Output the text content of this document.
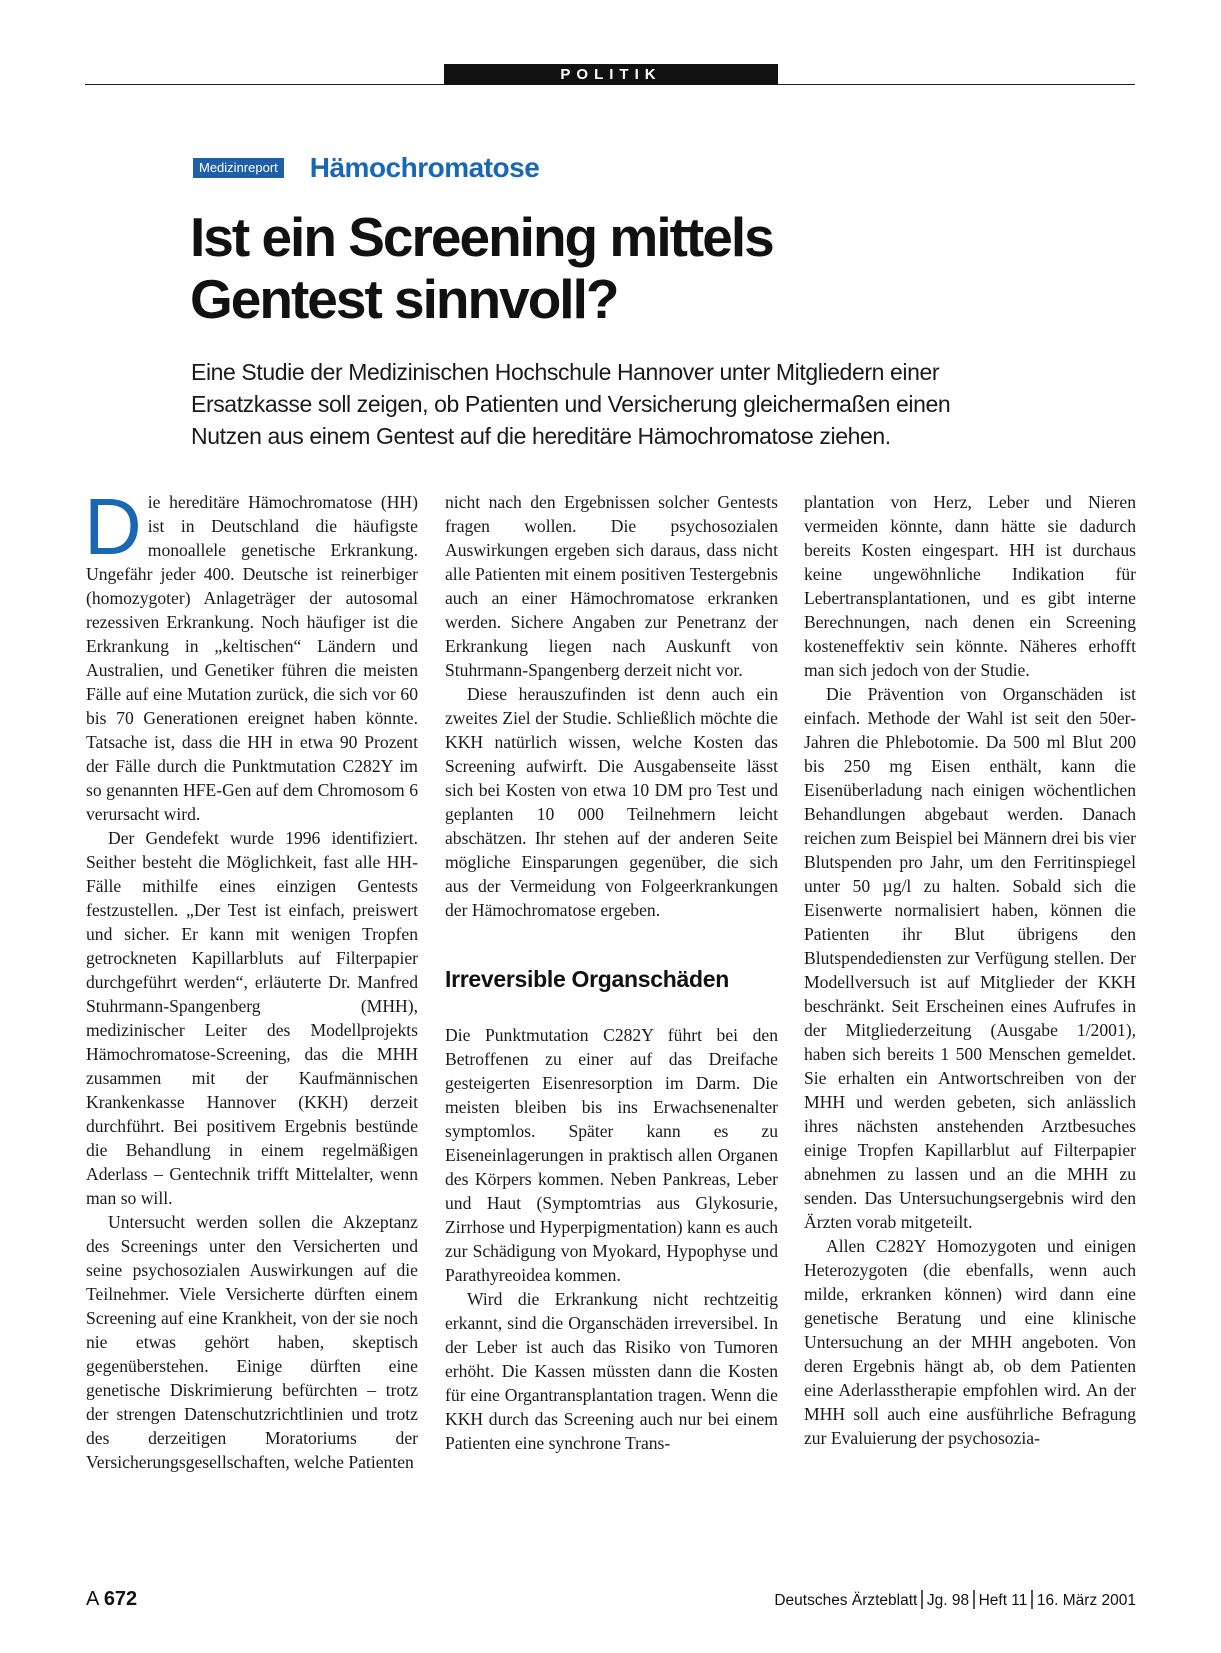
POLITIK
Medizinreport Hämochromatose
Ist ein Screening mittels
Gentest sinnvoll?

Eine Studie der Medizinischen Hochschule Hannover unter Mitgliedern einer
Ersatzkasse soll zeigen, ob Patienten und Versicherung gleichermaßen einen
Nutzen aus einem Gentest auf die hereditäre Hämochromatose ziehen.

Die hereditäre Hämochromatose (HH) ist in Deutschland die häufigste monoallele genetische Erkrankung. Ungefähr jeder 400. Deutsche ist reinerbiger (homozygoter) Anlageträger der autosomal rezessiven Erkrankung. Noch häufiger ist die Erkrankung in „keltischen“ Ländern und Australien, und Genetiker führen die meisten Fälle auf eine Mutation zurück, die sich vor 60 bis 70 Generationen ereignet haben könnte. Tatsache ist, dass die HH in etwa 90 Prozent der Fälle durch die Punktmutation C282Y im so genannten HFE-Gen auf dem Chromosom 6 verursacht wird.

Der Gendefekt wurde 1996 identifiziert. Seither besteht die Möglichkeit, fast alle HH-Fälle mithilfe eines einzigen Gentests festzustellen. „Der Test ist einfach, preiswert und sicher. Er kann mit wenigen Tropfen getrockneten Kapillarbluts auf Filterpapier durchgeführt werden“, erläuterte Dr. Manfred Stuhrmann-Spangenberg (MHH), medizinischer Leiter des Modellprojekts Hämochromatose-Screening, das die MHH zusammen mit der Kaufmännischen Krankenkasse Hannover (KKH) derzeit durchführt. Bei positivem Ergebnis bestünde die Behandlung in einem regelmäßigen Aderlass – Gentechnik trifft Mittelalter, wenn man so will.

Untersucht werden sollen die Akzeptanz des Screenings unter den Versicherten und seine psychosozialen Auswirkungen auf die Teilnehmer. Viele Versicherte dürften einem Screening auf eine Krankheit, von der sie noch nie etwas gehört haben, skeptisch gegenüberstehen. Einige dürften eine genetische Diskrimierung befürchten – trotz der strengen Datenschutzrichtlinien und trotz des derzeitigen Moratoriums der Versicherungsgesellschaften, welche Patienten

nicht nach den Ergebnissen solcher Gentests fragen wollen. Die psychosozialen Auswirkungen ergeben sich daraus, dass nicht alle Patienten mit einem positiven Testergebnis auch an einer Hämochromatose erkranken werden. Sichere Angaben zur Penetranz der Erkrankung liegen nach Auskunft von Stuhrmann-Spangenberg derzeit nicht vor.

Diese herauszufinden ist denn auch ein zweites Ziel der Studie. Schließlich möchte die KKH natürlich wissen, welche Kosten das Screening aufwirft. Die Ausgabenseite lässt sich bei Kosten von etwa 10 DM pro Test und geplanten 10 000 Teilnehmern leicht abschätzen. Ihr stehen auf der anderen Seite mögliche Einsparungen gegenüber, die sich aus der Vermeidung von Folgeerkrankungen der Hämochromatose ergeben.

Irreversible Organschäden

Die Punktmutation C282Y führt bei den Betroffenen zu einer auf das Dreifache gesteigerten Eisenresorption im Darm. Die meisten bleiben bis ins Erwachsenenalter symptomlos. Später kann es zu Eiseneinlagerungen in praktisch allen Organen des Körpers kommen. Neben Pankreas, Leber und Haut (Symptomtrias aus Glykosurie, Zirrhose und Hyperpigmentation) kann es auch zur Schädigung von Myokard, Hypophyse und Parathyreoidea kommen.

Wird die Erkrankung nicht rechtzeitig erkannt, sind die Organschäden irreversibel. In der Leber ist auch das Risiko von Tumoren erhöht. Die Kassen müssten dann die Kosten für eine Organtransplantation tragen. Wenn die KKH durch das Screening auch nur bei einem Patienten eine synchrone Trans-

plantation von Herz, Leber und Nieren vermeiden könnte, dann hätte sie dadurch bereits Kosten eingespart. HH ist durchaus keine ungewöhnliche Indikation für Lebertransplantationen, und es gibt interne Berechnungen, nach denen ein Screening kosteneffektiv sein könnte. Näheres erhofft man sich jedoch von der Studie.

Die Prävention von Organschäden ist einfach. Methode der Wahl ist seit den 50er-Jahren die Phlebotomie. Da 500 ml Blut 200 bis 250 mg Eisen enthält, kann die Eisenüberladung nach einigen wöchentlichen Behandlungen abgebaut werden. Danach reichen zum Beispiel bei Männern drei bis vier Blutspenden pro Jahr, um den Ferritinspiegel unter 50 µg/l zu halten. Sobald sich die Eisenwerte normalisiert haben, können die Patienten ihr Blut übrigens den Blutspendediensten zur Verfügung stellen. Der Modellversuch ist auf Mitglieder der KKH beschränkt. Seit Erscheinen eines Aufrufes in der Mitgliederzeitung (Ausgabe 1/2001), haben sich bereits 1 500 Menschen gemeldet. Sie erhalten ein Antwortschreiben von der MHH und werden gebeten, sich anlässlich ihres nächsten anstehenden Arztbesuches einige Tropfen Kapillarblut auf Filterpapier abnehmen zu lassen und an die MHH zu senden. Das Untersuchungsergebnis wird den Ärzten vorab mitgeteilt.

Allen C282Y Homozygoten und einigen Heterozygoten (die ebenfalls, wenn auch milde, erkranken können) wird dann eine genetische Beratung und eine klinische Untersuchung an der MHH angeboten. Von deren Ergebnis hängt ab, ob dem Patienten eine Aderlasstherapie empfohlen wird. An der MHH soll auch eine ausführliche Befragung zur Evaluierung der psychosozia-

A 672	Deutsches Ärzteblatt Jg. 98 Heft 11 16. März 2001
